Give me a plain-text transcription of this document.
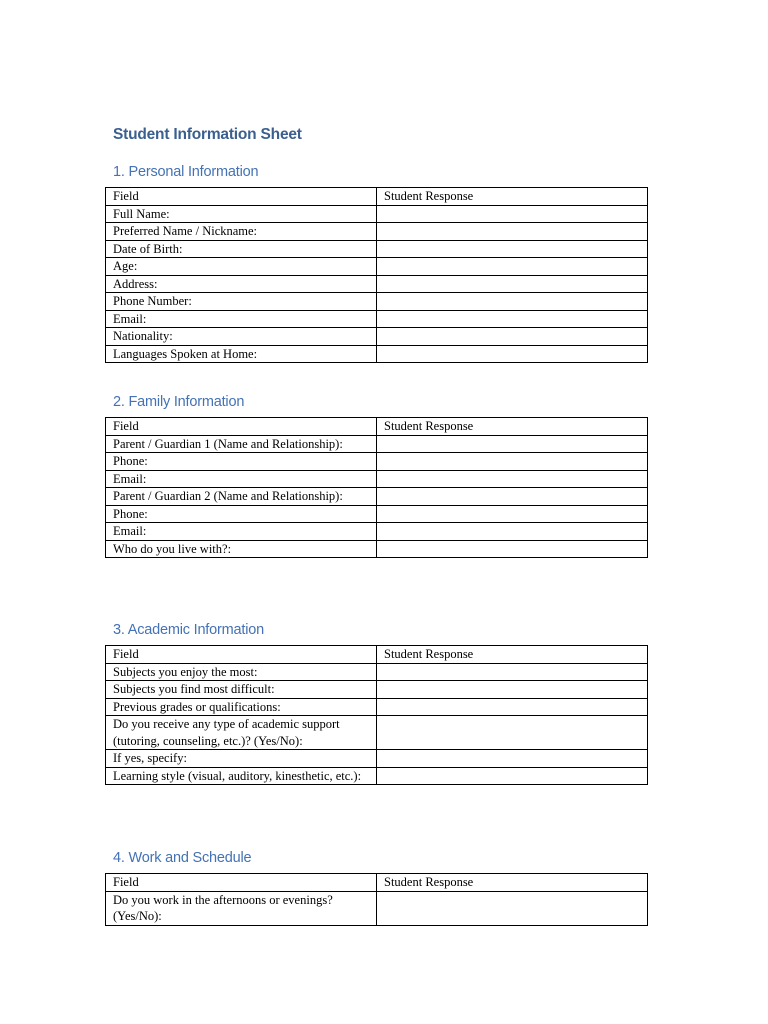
Student Information Sheet
1. Personal Information
Field	Student Response
Full Name:	
Preferred Name / Nickname:	
Date of Birth:	
Age:	
Address:	
Phone Number:	
Email:	
Nationality:	
Languages Spoken at Home:	
2. Family Information
Field	Student Response
Parent / Guardian 1 (Name and Relationship):	
Phone:	
Email:	
Parent / Guardian 2 (Name and Relationship):	
Phone:	
Email:	
Who do you live with?:	
3. Academic Information
Field	Student Response
Subjects you enjoy the most:	
Subjects you find most difficult:	
Previous grades or qualifications:	
Do you receive any type of academic support (tutoring, counseling, etc.)? (Yes/No):	
If yes, specify:	
Learning style (visual, auditory, kinesthetic, etc.):	
4. Work and Schedule
Field	Student Response
Do you work in the afternoons or evenings? (Yes/No):	
